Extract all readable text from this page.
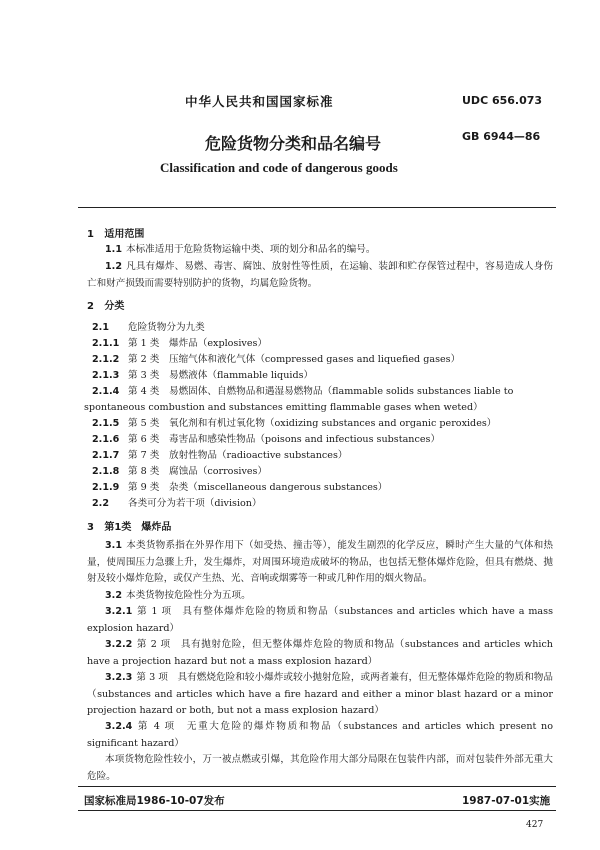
中华人民共和国国家标准	UDC 656.073
GB 6944—86
危险货物分类和品名编号
Classification and code of dangerous goods
1 适用范围
1.1 本标准适用于危险货物运输中类、项的划分和品名的编号。
1.2 凡具有爆炸、易燃、毒害、腐蚀、放射性等性质，在运输、装卸和贮存保管过程中，容易造成人身伤亡和财产损毁而需要特别防护的货物，均属危险货物。
2 分类
2.1 危险货物分为九类
2.1.1 第 1 类　爆炸品（explosives）
2.1.2 第 2 类　压缩气体和液化气体（compressed gases and liquefied gases）
2.1.3 第 3 类　易燃液体（flammable liquids）
2.1.4 第 4 类　易燃固体、自燃物品和遇湿易燃物品（flammable solids substances liable to
spontaneous combustion and substances emitting flammable gases when weted）
2.1.5 第 5 类　氧化剂和有机过氧化物（oxidizing substances and organic peroxides）
2.1.6 第 6 类　毒害品和感染性物品（poisons and infectious substances）
2.1.7 第 7 类　放射性物品（radioactive substances）
2.1.8 第 8 类　腐蚀品（corrosives）
2.1.9 第 9 类　杂类（miscellaneous dangerous substances）
2.2 各类可分为若干项（division）
3 第1类　爆炸品
3.1 本类货物系指在外界作用下（如受热、撞击等），能发生剧烈的化学反应，瞬时产生大量的气体和热量，使周围压力急骤上升，发生爆炸，对周围环境造成破坏的物品，也包括无整体爆炸危险，但具有燃烧、抛射及较小爆炸危险，或仅产生热、光、音响或烟雾等一种或几种作用的烟火物品。
3.2 本类货物按危险性分为五项。
3.2.1 第 1 项　具有整体爆炸危险的物质和物品（substances and articles which have a mass explosion hazard）
3.2.2 第 2 项　具有抛射危险，但无整体爆炸危险的物质和物品（substances and articles which have a projection hazard but not a mass explosion hazard）
3.2.3 第 3 项　具有燃烧危险和较小爆炸或较小抛射危险，或两者兼有，但无整体爆炸危险的物质和物品（substances and articles which have a fire hazard and either a minor blast hazard or a minor projection hazard or both, but not a mass explosion hazard）
3.2.4 第 4 项　无重大危险的爆炸物质和物品（substances and articles which present no significant hazard）
本项货物危险性较小，万一被点燃或引爆，其危险作用大部分局限在包装件内部，而对包装件外部无重大危险。
国家标准局1986-10-07发布	1987-07-01实施
427
